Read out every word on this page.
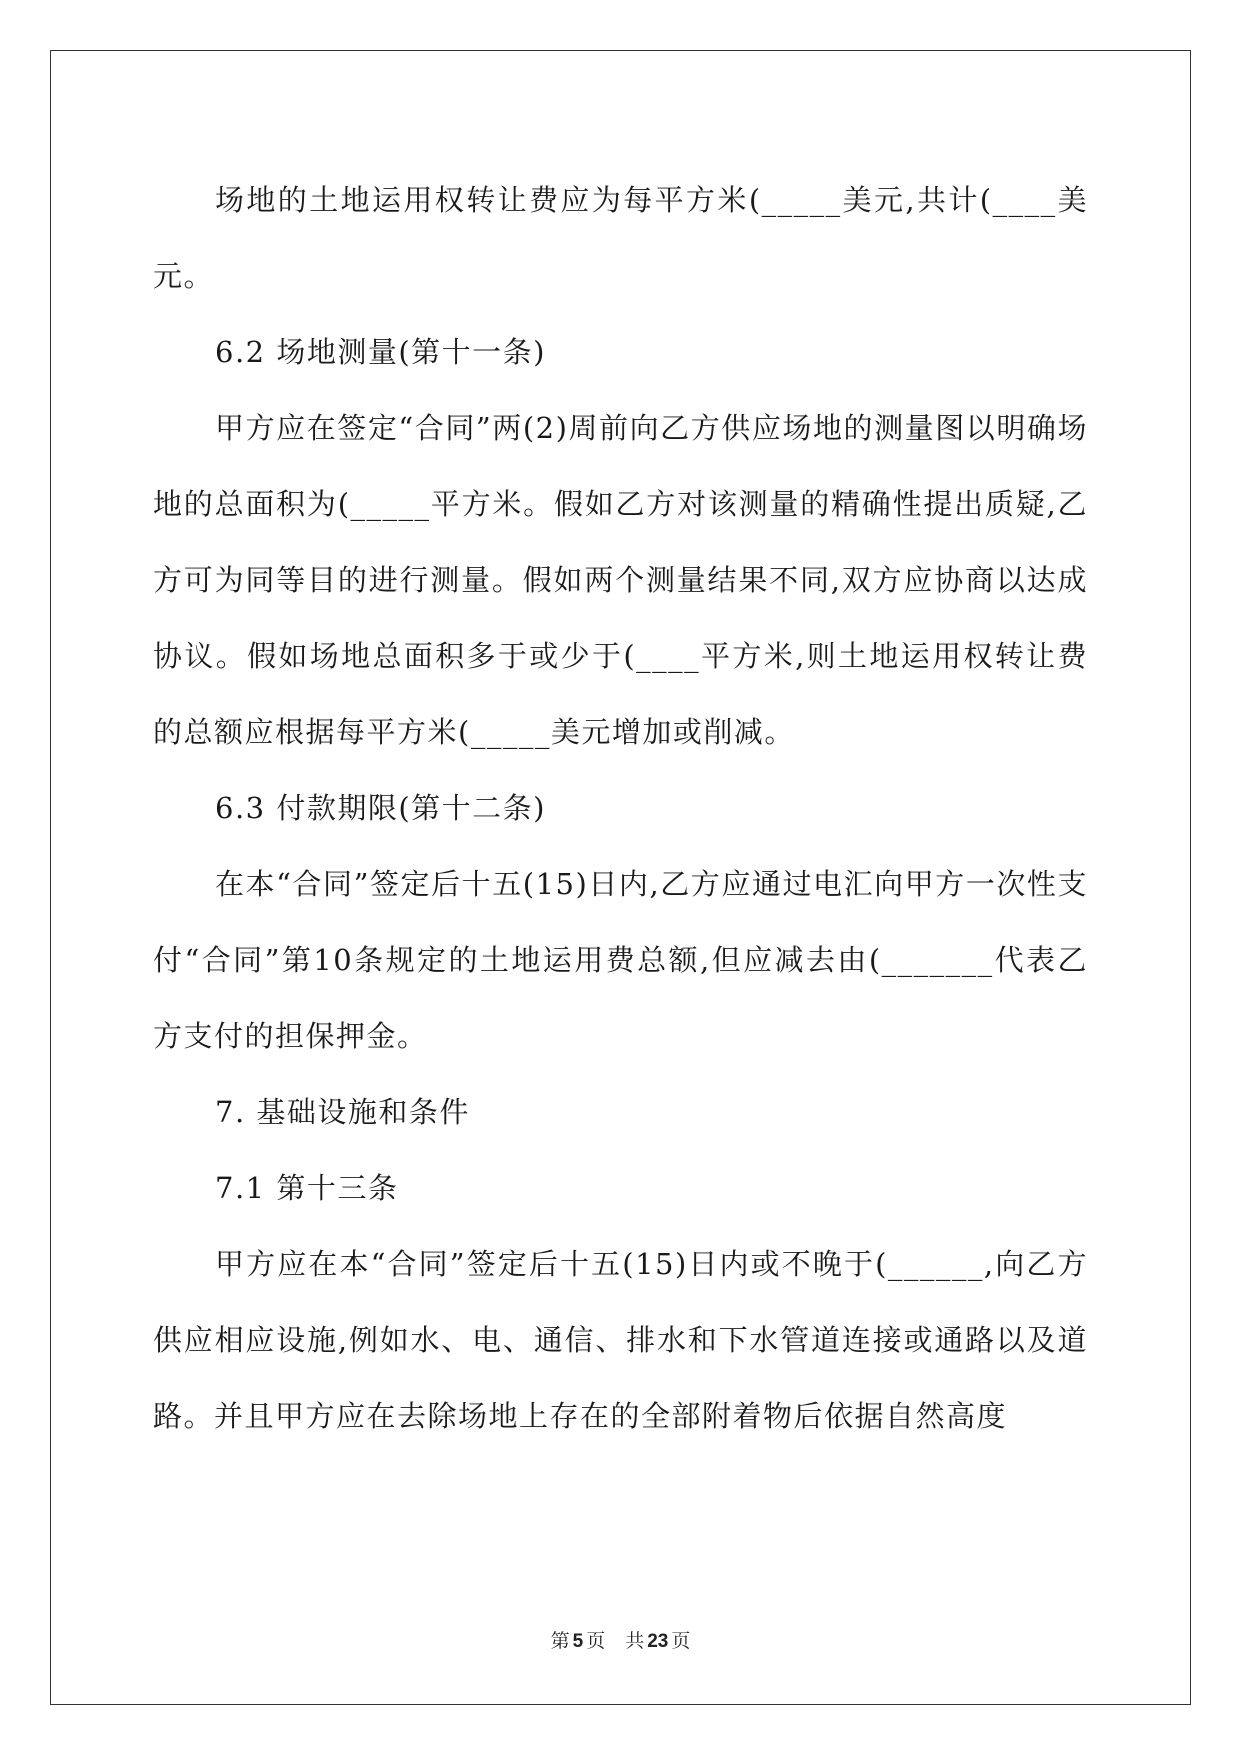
场地的土地运用权转让费应为每平方米(_____美元,共计(____美元。

6.2 场地测量(第十一条)

甲方应在签定“合同”两(2)周前向乙方供应场地的测量图以明确场地的总面积为(_____平方米。假如乙方对该测量的精确性提出质疑,乙方可为同等目的进行测量。假如两个测量结果不同,双方应协商以达成协议。假如场地总面积多于或少于(____平方米,则土地运用权转让费的总额应根据每平方米(_____美元增加或削减。

6.3 付款期限(第十二条)

在本“合同”签定后十五(15)日内,乙方应通过电汇向甲方一次性支付“合同”第10条规定的土地运用费总额,但应减去由(_______代表乙方支付的担保押金。

7. 基础设施和条件

7.1 第十三条

甲方应在本“合同”签定后十五(15)日内或不晚于(______,向乙方供应相应设施,例如水、电、通信、排水和下水管道连接或通路以及道路。并且甲方应在去除场地上存在的全部附着物后依据自然高度

第 5 页 共 23 页
